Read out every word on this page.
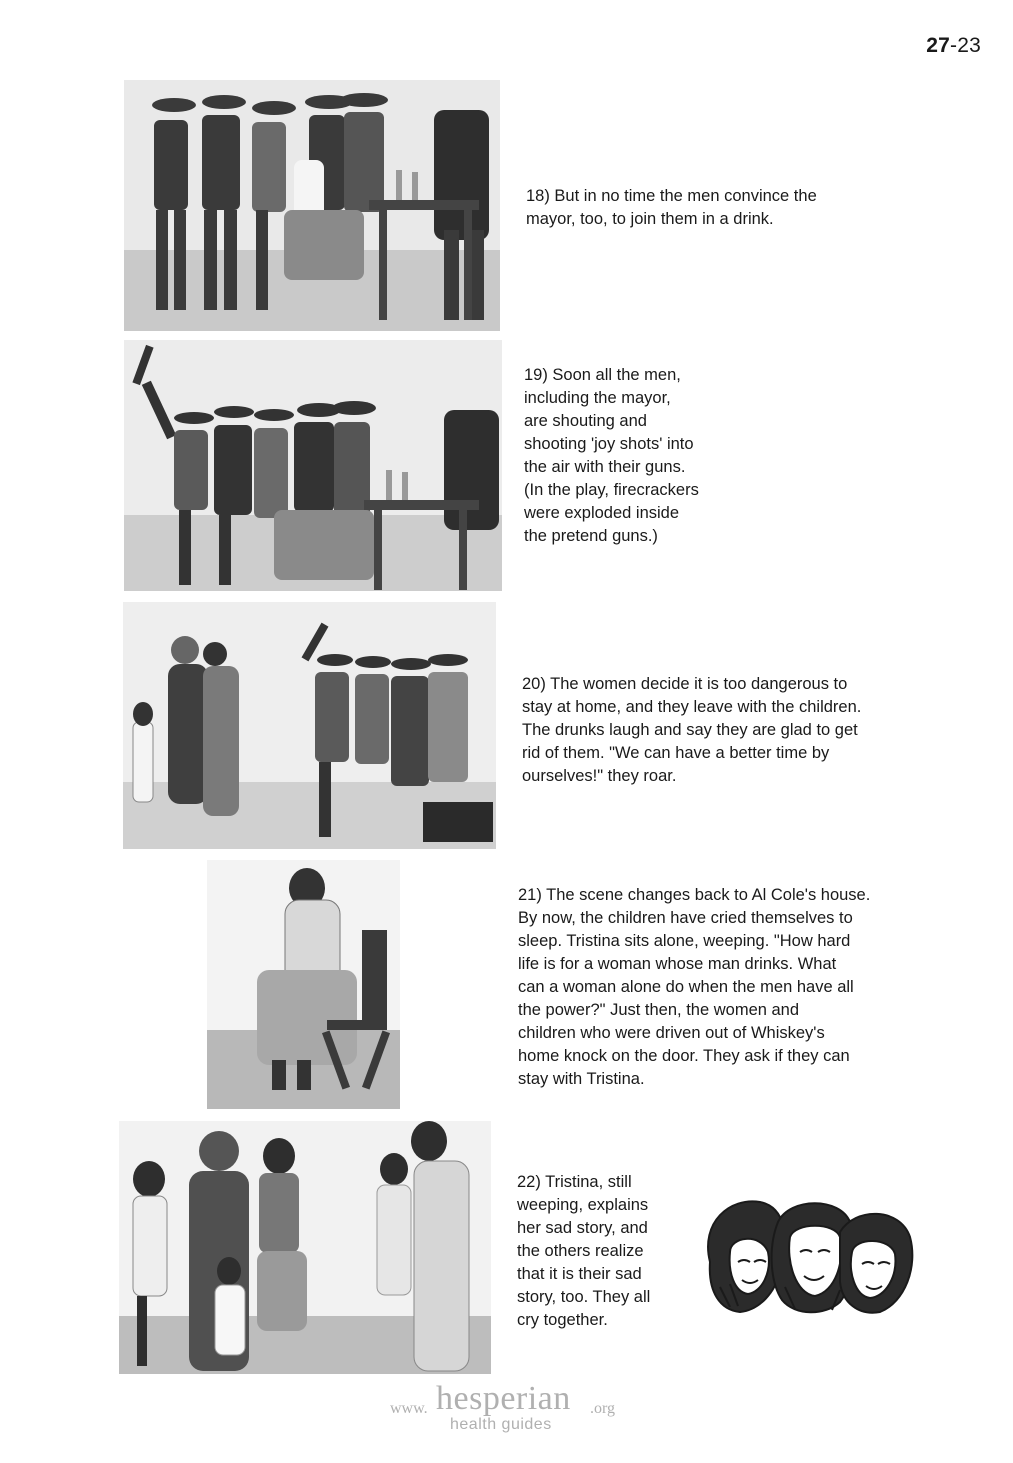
27-23
18) But in no time the men convince the
mayor, too, to join them in a drink.
19) Soon all the men,
including the mayor,
are shouting and
shooting 'joy shots' into
the air with their guns.
(In the play, firecrackers
were exploded inside
the pretend guns.)
20) The women decide it is too dangerous to
stay at home, and they leave with the children.
The drunks laugh and say they are glad to get
rid of them. "We can have a better time by
ourselves!" they roar.
21) The scene changes back to Al Cole's house.
By now, the children have cried themselves to
sleep. Tristina sits alone, weeping. "How hard
life is for a woman whose man drinks. What
can a woman alone do when the men have all
the power?" Just then, the women and
children who were driven out of Whiskey's
home knock on the door. They ask if they can
stay with Tristina.
22) Tristina, still
weeping, explains
her sad story, and
the others realize
that it is their sad
story, too. They all
cry together.
www. hesperian .org
health guides
